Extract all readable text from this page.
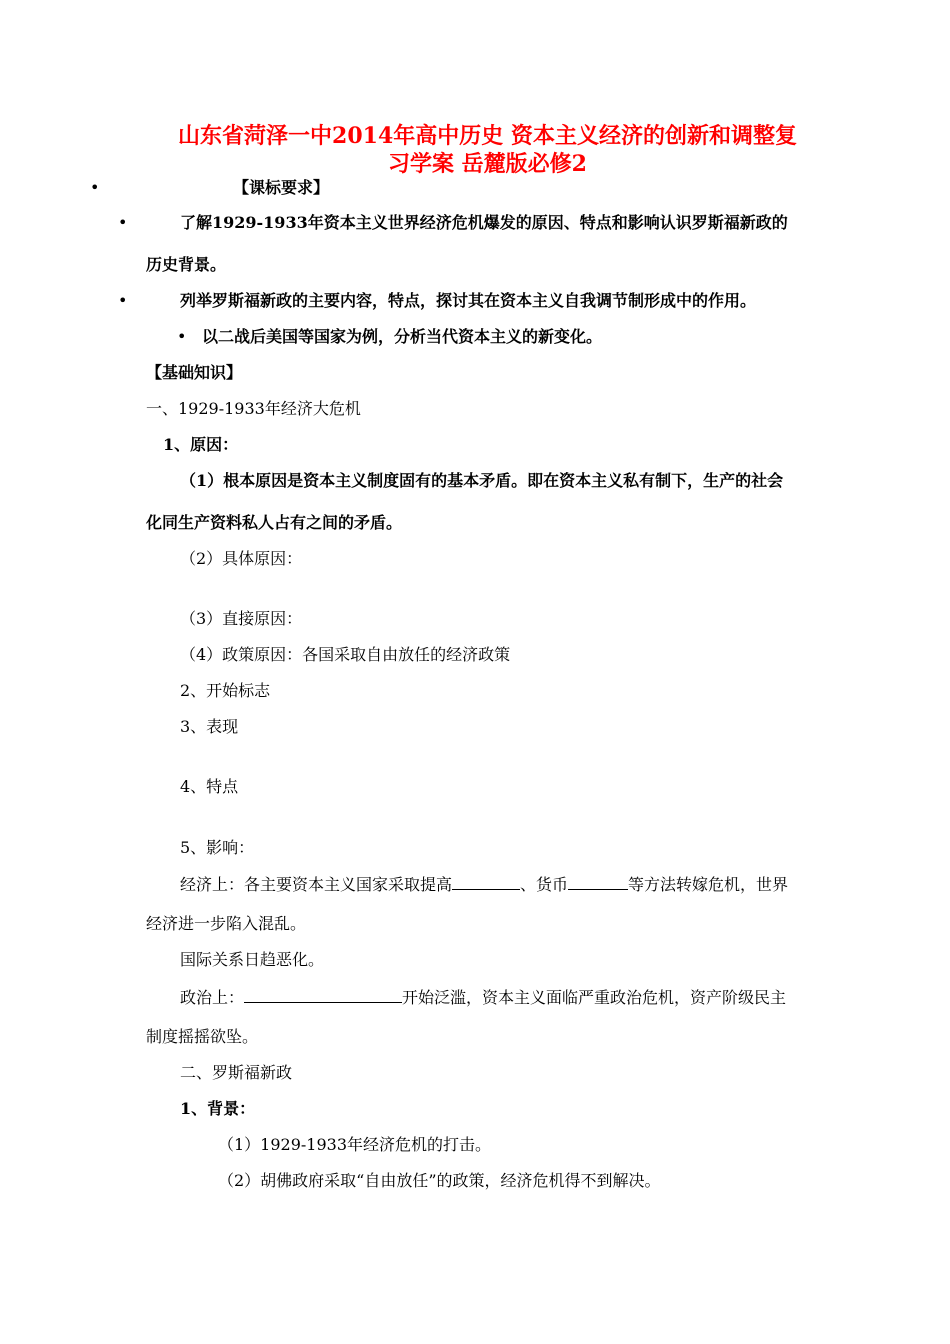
山东省菏泽一中2014年高中历史 资本主义经济的创新和调整复
习学案 岳麓版必修2
•	【课标要求】
•	了解1929-1933年资本主义世界经济危机爆发的原因、特点和影响认识罗斯福新政的
历史背景。
•	列举罗斯福新政的主要内容，特点，探讨其在资本主义自我调节制形成中的作用。
• 以二战后美国等国家为例，分析当代资本主义的新变化。
【基础知识】
一、1929-1933年经济大危机
1、原因：
（1）根本原因是资本主义制度固有的基本矛盾。即在资本主义私有制下，生产的社会
化同生产资料私人占有之间的矛盾。
（2）具体原因：
（3）直接原因：
（4）政策原因：各国采取自由放任的经济政策
2、开始标志
3、表现
4、特点
5、影响：
经济上：各主要资本主义国家采取提高	、货币	等方法转嫁危机，世界
经济进一步陷入混乱。
国际关系日趋恶化。
政治上：	开始泛滥，资本主义面临严重政治危机，资产阶级民主
制度摇摇欲坠。
二、罗斯福新政
1、背景：
（1）1929-1933年经济危机的打击。
（2）胡佛政府采取“自由放任”的政策，经济危机得不到解决。
